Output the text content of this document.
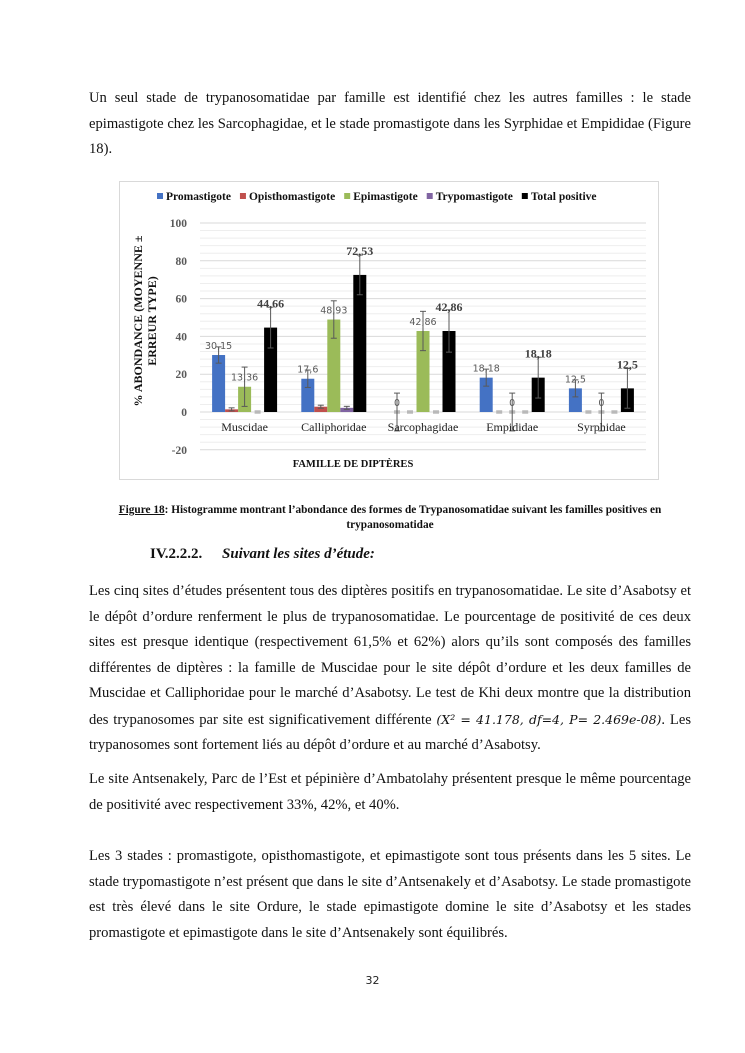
Un seul stade de trypanosomatidae par famille est identifié chez les autres familles : le stade epimastigote chez les Sarcophagidae, et le stade promastigote dans les Syrphidae et Empididae (Figure 18).

-20
0
20
40
60
80
100
% ABONDANCE (MOYENNE ±ERREUR TYPE)
Promastigote Opisthomastigote Epimastigote Trypomastigote Total positive
30,15
13,36
44,66
Muscidae
17,6
48,93
72,53
Calliphoridae
0
42,86
42,86
Sarcophagidae
18,18
0
18,18
Empididae
12,5
0
12,5
Syrphidae
FAMILLE DE DIPTÈRES
Figure 18: Histogramme montrant l’abondance des formes de Trypanosomatidae suivant les familles positives en trypanosomatidae
IV.2.2.2. Suivant les sites d’étude:

Les cinq sites d’études présentent tous des diptères positifs en trypanosomatidae. Le site d’Asabotsy et le dépôt d’ordure renferment le plus de trypanosomatidae. Le pourcentage de positivité de ces deux sites est presque identique (respectivement 61,5% et 62%) alors qu’ils sont composés des familles différentes de diptères : la famille de Muscidae pour le site dépôt d’ordure et les deux familles de Muscidae et Calliphoridae pour le marché d’Asabotsy. Le test de Khi deux montre que la distribution des trypanosomes par site est significativement différente (X² = 41.178, df=4, P= 2.469e-08). Les trypanosomes sont fortement liés au dépôt d’ordure et au marché d’Asabotsy.

Le site Antsenakely, Parc de l’Est et pépinière d’Ambatolahy présentent presque le même pourcentage de positivité avec respectivement 33%, 42%, et 40%.

Les 3 stades : promastigote, opisthomastigote, et epimastigote sont tous présents dans les 5 sites. Le stade trypomastigote n’est présent que dans le site d’Antsenakely et d’Asabotsy. Le stade promastigote est très élevé dans le site Ordure, le stade epimastigote domine le site d’Asabotsy et les stades promastigote et epimastigote dans le site d’Antsenakely sont équilibrés.

32
